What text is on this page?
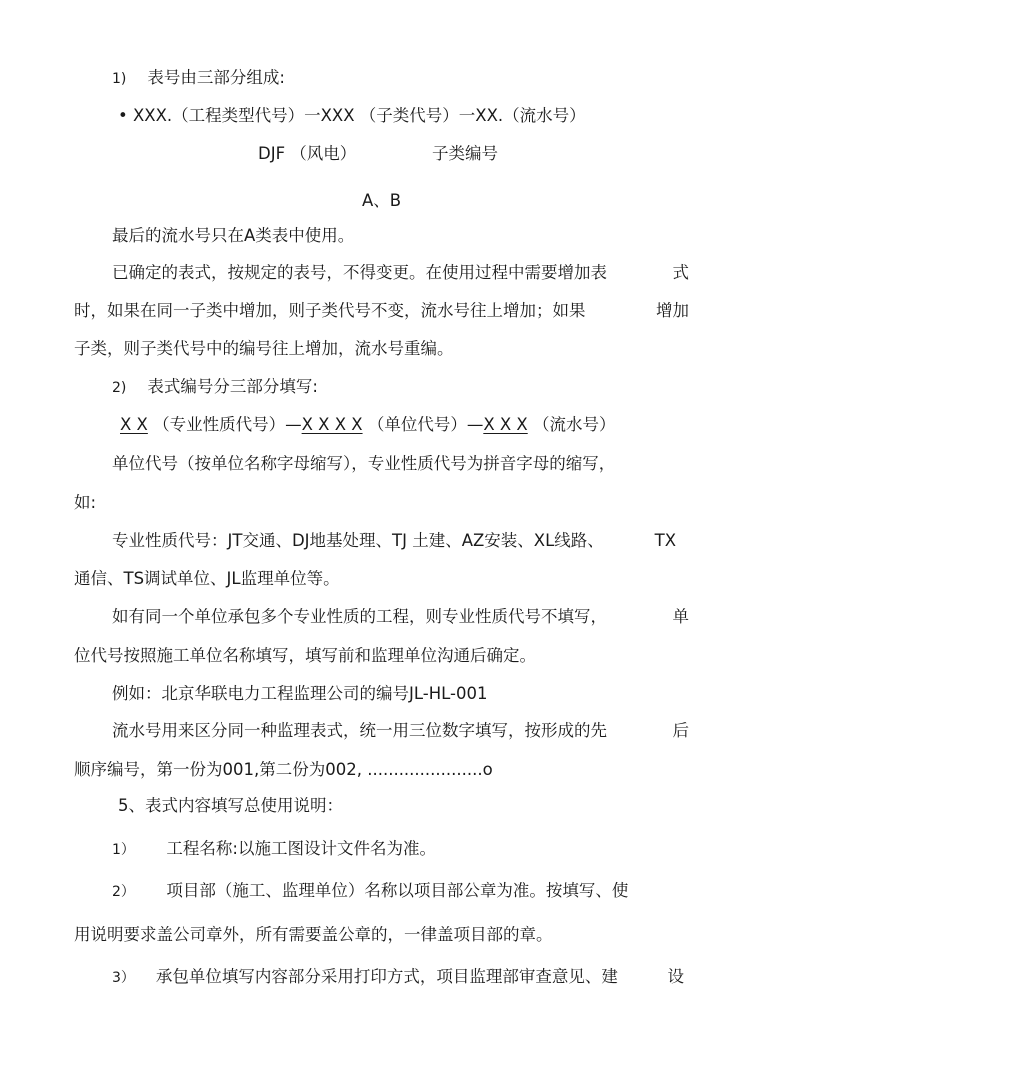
1) 表号由三部分组成:
• XXX.（工程类型代号）一XXX （子类代号）一XX.（流水号）
DJF （风电）	子类编号
A、B
最后的流水号只在A类表中使用。
已确定的表式，按规定的表号，不得变更。在使用过程中需要增加表	式
时，如果在同一子类中增加，则子类代号不变，流水号往上增加；如果	增加
子类，则子类代号中的编号往上增加，流水号重编。
2) 表式编号分三部分填写:
X X （专业性质代号）—X X X X （单位代号）—X X X （流水号）
单位代号（按单位名称字母缩写），专业性质代号为拼音字母的缩写，
如:
专业性质代号：JT交通、DJ地基处理、TJ 土建、AZ安装、XL线路、	TX
通信、TS调试单位、JL监理单位等。
如有同一个单位承包多个专业性质的工程，则专业性质代号不填写，	单
位代号按照施工单位名称填写，填写前和监理单位沟通后确定。
例如：北京华联电力工程监理公司的编号JL-HL-001
流水号用来区分同一种监理表式，统一用三位数字填写，按形成的先	后
顺序编号，第一份为001,第二份为002, ......................o
5、表式内容填写总使用说明：
1） 工程名称:以施工图设计文件名为准。
2） 项目部（施工、监理单位）名称以项目部公章为准。按填写、使
用说明要求盖公司章外，所有需要盖公章的，一律盖项目部的章。
3） 承包单位填写内容部分采用打印方式，项目监理部审查意见、建	设
